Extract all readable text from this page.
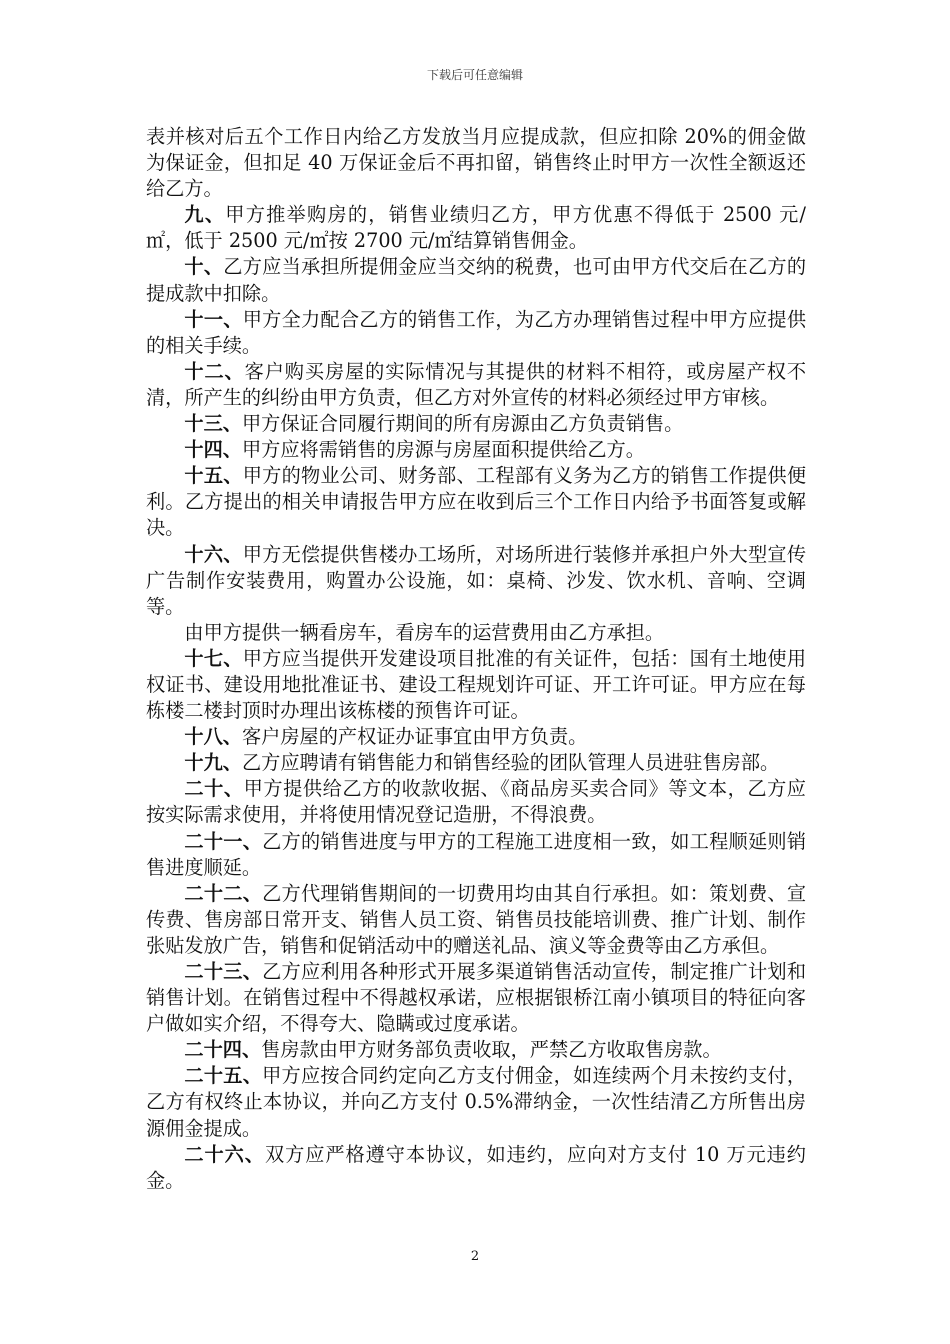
下载后可任意编辑

表并核对后五个工作日内给乙方发放当月应提成款，但应扣除 20%的佣金做为保证金，但扣足 40 万保证金后不再扣留，销售终止时甲方一次性全额返还给乙方。

九、甲方推举购房的，销售业绩归乙方，甲方优惠不得低于 2500 元/㎡，低于 2500 元/㎡按 2700 元/㎡结算销售佣金。

十、乙方应当承担所提佣金应当交纳的税费，也可由甲方代交后在乙方的提成款中扣除。

十一、甲方全力配合乙方的销售工作，为乙方办理销售过程中甲方应提供的相关手续。

十二、客户购买房屋的实际情况与其提供的材料不相符，或房屋产权不清，所产生的纠纷由甲方负责，但乙方对外宣传的材料必须经过甲方审核。

十三、甲方保证合同履行期间的所有房源由乙方负责销售。

十四、甲方应将需销售的房源与房屋面积提供给乙方。

十五、甲方的物业公司、财务部、工程部有义务为乙方的销售工作提供便利。乙方提出的相关申请报告甲方应在收到后三个工作日内给予书面答复或解决。

十六、甲方无偿提供售楼办工场所，对场所进行装修并承担户外大型宣传广告制作安装费用，购置办公设施，如：桌椅、沙发、饮水机、音响、空调等。

由甲方提供一辆看房车，看房车的运营费用由乙方承担。

十七、甲方应当提供开发建设项目批准的有关证件，包括：国有土地使用权证书、建设用地批准证书、建设工程规划许可证、开工许可证。甲方应在每栋楼二楼封顶时办理出该栋楼的预售许可证。

十八、客户房屋的产权证办证事宜由甲方负责。

十九、乙方应聘请有销售能力和销售经验的团队管理人员进驻售房部。

二十、甲方提供给乙方的收款收据、《商品房买卖合同》等文本，乙方应按实际需求使用，并将使用情况登记造册，不得浪费。

二十一、乙方的销售进度与甲方的工程施工进度相一致，如工程顺延则销售进度顺延。

二十二、乙方代理销售期间的一切费用均由其自行承担。如：策划费、宣传费、售房部日常开支、销售人员工资、销售员技能培训费、推广计划、制作张贴发放广告，销售和促销活动中的赠送礼品、演义等金费等由乙方承但。

二十三、乙方应利用各种形式开展多渠道销售活动宣传，制定推广计划和销售计划。在销售过程中不得越权承诺，应根据银桥江南小镇项目的特征向客户做如实介绍，不得夸大、隐瞒或过度承诺。

二十四、售房款由甲方财务部负责收取，严禁乙方收取售房款。

二十五、甲方应按合同约定向乙方支付佣金，如连续两个月未按约支付，乙方有权终止本协议，并向乙方支付 0.5%滞纳金，一次性结清乙方所售出房源佣金提成。

二十六、双方应严格遵守本协议，如违约，应向对方支付 10 万元违约金。

2
